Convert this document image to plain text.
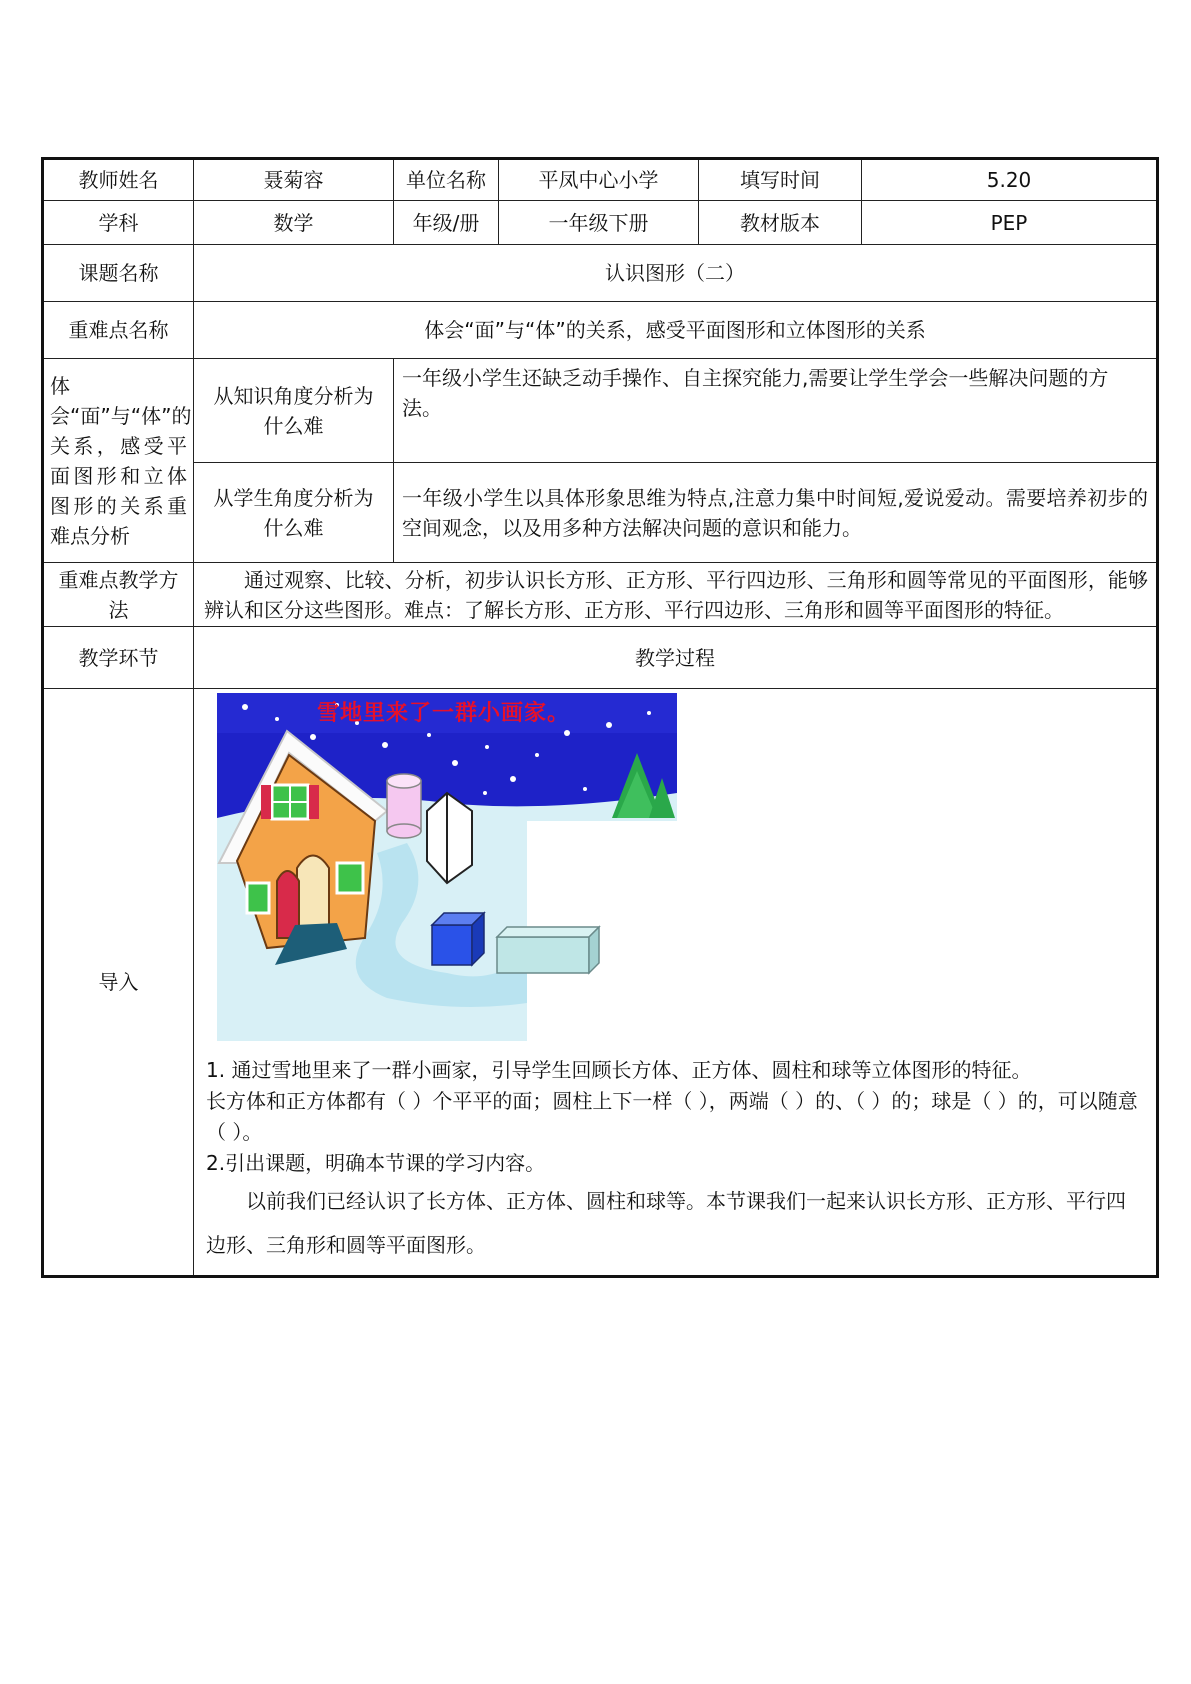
教师姓名	聂菊容	单位名称	平凤中心小学	填写时间	5.20
学科	数学	年级/册	一年级下册	教材版本	PEP
课题名称	认识图形（二）				
重难点名称	体会“面”与“体”的关系，感受平面图形和立体图形的关系				
体会“面”与“体”的关系，感受平面图形和立体图形的关系重难点分析	从知识角度分析为什么难	一年级小学生还缺乏动手操作、自主探究能力,需要让学生学会一些解决问题的方法。			
	从学生角度分析为什么难	一年级小学生以具体形象思维为特点,注意力集中时间短,爱说爱动。需要培养初步的空间观念，以及用多种方法解决问题的意识和能力。			
重难点教学方法	通过观察、比较、分析，初步认识长方形、正方形、平行四边形、三角形和圆等常见的平面图形，能够辨认和区分这些图形。难点：了解长方形、正方形、平行四边形、三角形和圆等平面图形的特征。				
教学环节	教学过程				
导入	雪地里来了一群小画家。

1. 通过雪地里来了一群小画家，引导学生回顾长方体、正方体、圆柱和球等立体图形的特征。

长方体和正方体都有（ ）个平平的面；圆柱上下一样（ ），两端（ ）的、（ ）的；球是（ ）的，可以随意（ ）。

2.引出课题，明确本节课的学习内容。

以前我们已经认识了长方体、正方体、圆柱和球等。本节课我们一起来认识长方形、正方形、平行四边形、三角形和圆等平面图形。				
